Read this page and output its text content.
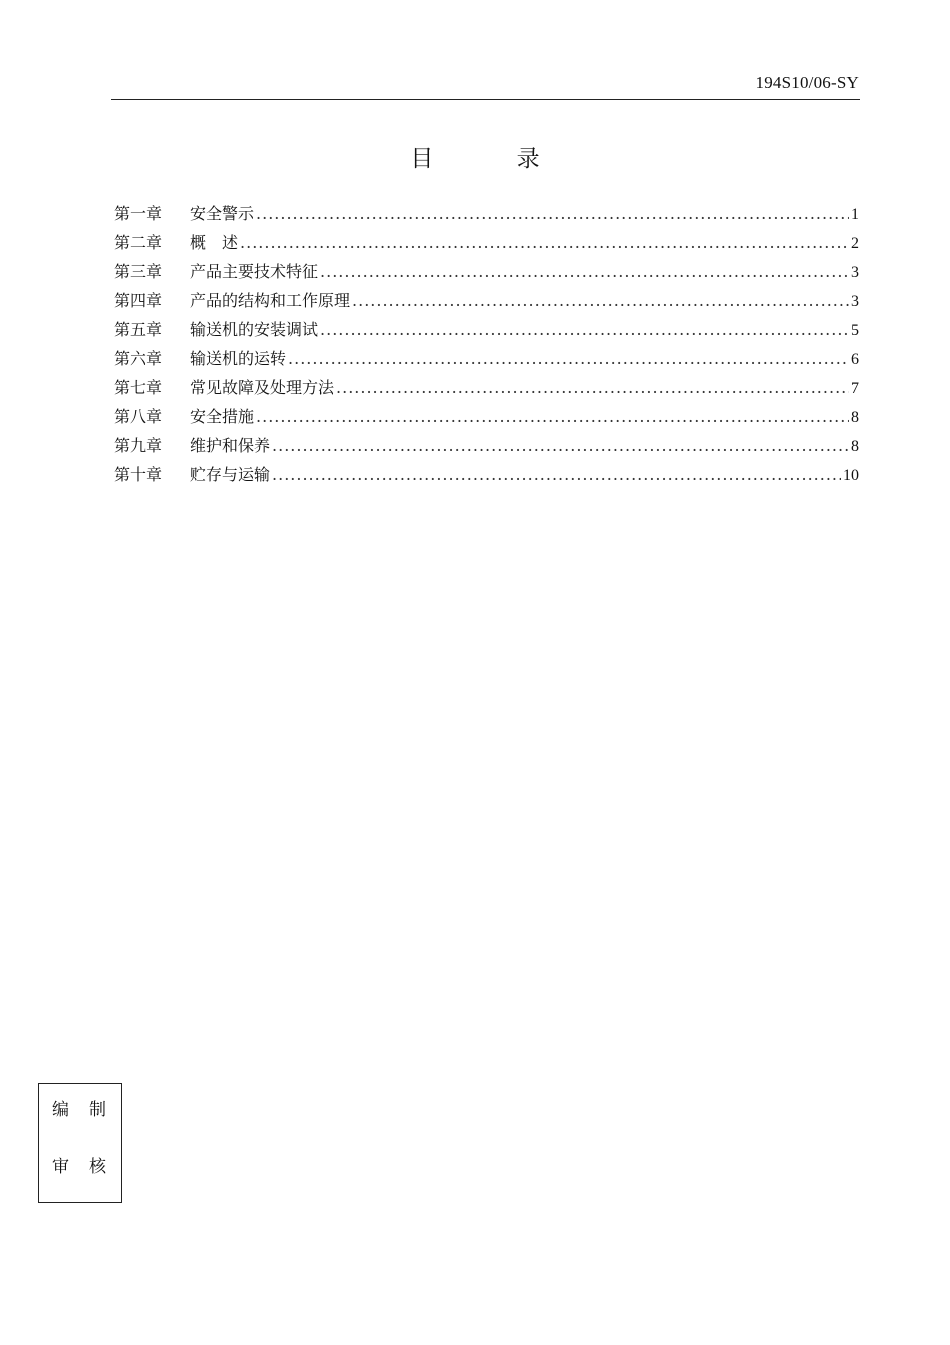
194S10/06-SY
目 录
第一章	安全警示 .....	1
第二章	概　述 .....	2
第三章	产品主要技术特征 .....	3
第四章	产品的结构和工作原理 .....	3
第五章	输送机的安装调试 .....	5
第六章	输送机的运转 .....	6
第七章	常见故障及处理方法 .....	7
第八章	安全措施 .....	8
第九章	维护和保养 .....	8
第十章	贮存与运输 .....	10
编制
审核
